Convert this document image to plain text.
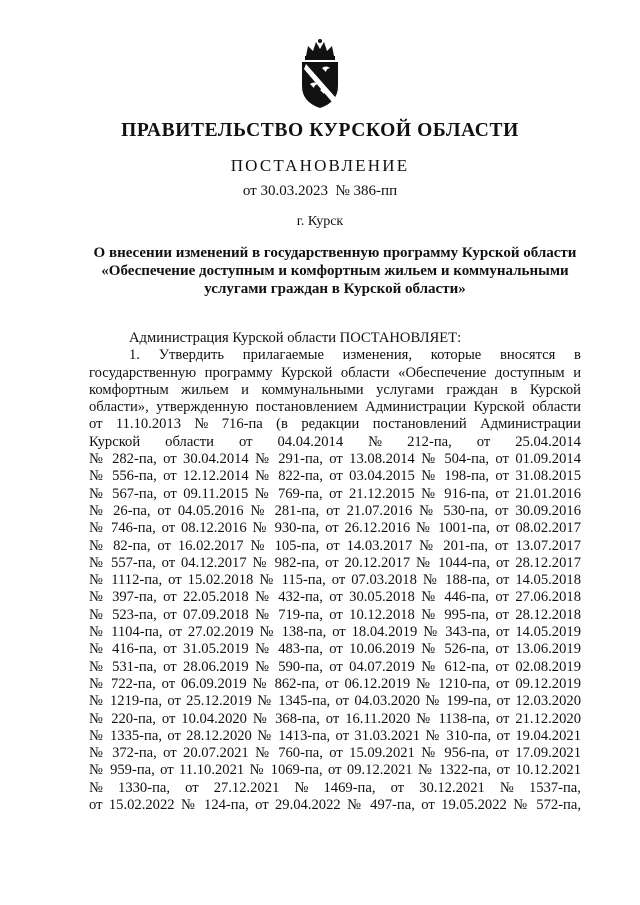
ПРАВИТЕЛЬСТВО КУРСКОЙ ОБЛАСТИ
ПОСТАНОВЛЕНИЕ
от 30.03.2023 № 386-пп
г. Курск
О внесении изменений в государственную программу Курской области
«Обеспечение доступным и комфортным жильем и коммунальными
услугами граждан в Курской области»
Администрация Курской области ПОСТАНОВЛЯЕТ:
1. Утвердить прилагаемые изменения, которые вносятся в
государственную программу Курской области «Обеспечение доступным и
комфортным жильем и коммунальными услугами граждан в Курской
области», утвержденную постановлением Администрации Курской области
от 11.10.2013 № 716-па (в редакции постановлений Администрации
Курской области от 04.04.2014 № 212-па, от 25.04.2014
№ 282-па, от 30.04.2014 № 291-па, от 13.08.2014 № 504-па, от 01.09.2014
№ 556-па, от 12.12.2014 № 822-па, от 03.04.2015 № 198-па, от 31.08.2015
№ 567-па, от 09.11.2015 № 769-па, от 21.12.2015 № 916-па, от 21.01.2016
№ 26-па, от 04.05.2016 № 281-па, от 21.07.2016 № 530-па, от 30.09.2016
№ 746-па, от 08.12.2016 № 930-па, от 26.12.2016 № 1001-па, от 08.02.2017
№ 82-па, от 16.02.2017 № 105-па, от 14.03.2017 № 201-па, от 13.07.2017
№ 557-па, от 04.12.2017 № 982-па, от 20.12.2017 № 1044-па, от 28.12.2017
№ 1112-па, от 15.02.2018 № 115-па, от 07.03.2018 № 188-па, от 14.05.2018
№ 397-па, от 22.05.2018 № 432-па, от 30.05.2018 № 446-па, от 27.06.2018
№ 523-па, от 07.09.2018 № 719-па, от 10.12.2018 № 995-па, от 28.12.2018
№ 1104-па, от 27.02.2019 № 138-па, от 18.04.2019 № 343-па, от 14.05.2019
№ 416-па, от 31.05.2019 № 483-па, от 10.06.2019 № 526-па, от 13.06.2019
№ 531-па, от 28.06.2019 № 590-па, от 04.07.2019 № 612-па, от 02.08.2019
№ 722-па, от 06.09.2019 № 862-па, от 06.12.2019 № 1210-па, от 09.12.2019
№ 1219-па, от 25.12.2019 № 1345-па, от 04.03.2020 № 199-па, от 12.03.2020
№ 220-па, от 10.04.2020 № 368-па, от 16.11.2020 № 1138-па, от 21.12.2020
№ 1335-па, от 28.12.2020 № 1413-па, от 31.03.2021 № 310-па, от 19.04.2021
№ 372-па, от 20.07.2021 № 760-па, от 15.09.2021 № 956-па, от 17.09.2021
№ 959-па, от 11.10.2021 № 1069-па, от 09.12.2021 № 1322-па, от 10.12.2021
№ 1330-па, от 27.12.2021 № 1469-па, от 30.12.2021 № 1537-па,
от 15.02.2022 № 124-па, от 29.04.2022 № 497-па, от 19.05.2022 № 572-па,
